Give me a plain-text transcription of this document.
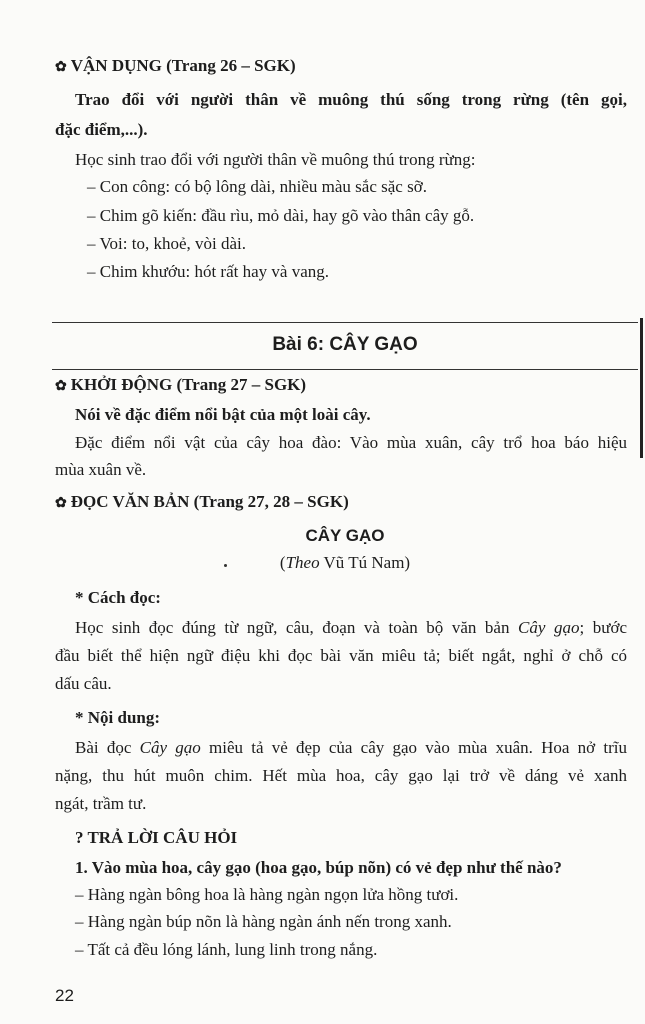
✿ VẬN DỤNG (Trang 26 – SGK)
Trao đổi với người thân về muông thú sống trong rừng (tên gọi,
đặc điểm,...).
Học sinh trao đổi với người thân về muông thú trong rừng:
– Con công: có bộ lông dài, nhiều màu sắc sặc sỡ.
– Chim gõ kiến: đầu rìu, mỏ dài, hay gõ vào thân cây gỗ.
– Voi: to, khoẻ, vòi dài.
– Chim khướu: hót rất hay và vang.
Bài 6: CÂY GẠO
✿ KHỞI ĐỘNG (Trang 27 – SGK)
Nói về đặc điểm nổi bật của một loài cây.
Đặc điểm nổi vật của cây hoa đào: Vào mùa xuân, cây trổ hoa báo hiệu
mùa xuân về.
✿ ĐỌC VĂN BẢN (Trang 27, 28 – SGK)
CÂY GẠO
(Theo Vũ Tú Nam)
* Cách đọc:
Học sinh đọc đúng từ ngữ, câu, đoạn và toàn bộ văn bản Cây gạo; bước
đầu biết thể hiện ngữ điệu khi đọc bài văn miêu tả; biết ngắt, nghỉ ở chỗ có
dấu câu.
* Nội dung:
Bài đọc Cây gạo miêu tả vẻ đẹp của cây gạo vào mùa xuân. Hoa nở trĩu
nặng, thu hút muôn chim. Hết mùa hoa, cây gạo lại trở về dáng vẻ xanh
ngát, trầm tư.
? TRẢ LỜI CÂU HỎI
1. Vào mùa hoa, cây gạo (hoa gạo, búp nõn) có vẻ đẹp như thế nào?
– Hàng ngàn bông hoa là hàng ngàn ngọn lửa hồng tươi.
– Hàng ngàn búp nõn là hàng ngàn ánh nến trong xanh.
– Tất cả đều lóng lánh, lung linh trong nắng.
22
